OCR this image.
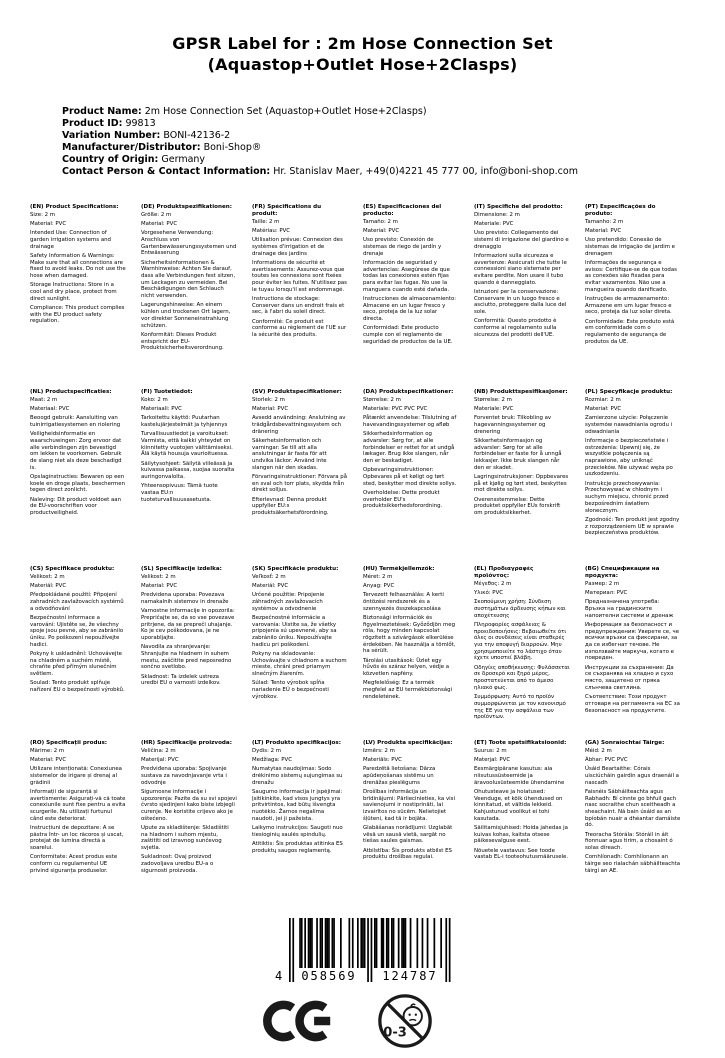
GPSR Label for : 2m Hose Connection Set (Aquastop+Outlet Hose+2Clasps)
Product Name: 2m Hose Connection Set (Aquastop+Outlet Hose+2Clasps)
Product ID: 99813
Variation Number: BONI-42136-2
Manufacturer/Distributor: Boni-Shop®
Country of Origin: Germany
Contact Person & Contact Information: Hr. Stanislav Maer, +49(0)4221 45 777 00, info@boni-shop.com
(EN) Product Specifications:

Size: 2 m

Material: PVC

Intended Use: Connection of garden irrigation systems and drainage

Safety Information & Warnings: Make sure that all connections are fixed to avoid leaks. Do not use the hose when damaged.

Storage Instructions: Store in a cool and dry place, protect from direct sunlight.

Compliance: This product complies with the EU product safety regulation.

(DE) Produktspezifikationen:

Größe: 2 m

Material: PVC

Vorgesehene Verwendung: Anschluss von Gartenbewässerungssystemen und Entwässerung

Sicherheitsinformationen & Warnhinweise: Achten Sie darauf, dass alle Verbindungen fest sitzen, um Leckagen zu vermeiden. Bei Beschädigungen den Schlauch nicht verwenden.

Lagerungshinweise: An einem kühlen und trockenen Ort lagern, vor direkter Sonneneinstrahlung schützen.

Konformität: Dieses Produkt entspricht der EU-Produktsicherheitsverordnung.

(FR) Spécifications du produit:

Taille: 2 m

Matériau: PVC

Utilisation prévue: Connexion des systèmes d'irrigation et de drainage des jardins

Informations de sécurité et avertissements: Assurez-vous que toutes les connexions sont fixées pour éviter les fuites. N'utilisez pas le tuyau lorsqu'il est endommagé.

Instructions de stockage: Conserver dans un endroit frais et sec, à l'abri du soleil direct.

Conformité: Ce produit est conforme au règlement de l'UE sur la sécurité des produits.

(ES) Especificaciones del producto:

Tamaño: 2 m

Material: PVC

Uso previsto: Conexión de sistemas de riego de jardín y drenaje

Información de seguridad y advertencias: Asegúrese de que todas las conexiones estén fijas para evitar las fugas. No use la manguera cuando esté dañada.

Instrucciones de almacenamiento: Almacene en un lugar fresco y seco, proteja de la luz solar directa.

Conformidad: Este producto cumple con el reglamento de seguridad de productos de la UE.

(IT) Specifiche del prodotto:

Dimensione: 2 m

Materiale: PVC

Uso previsto: Collegamento dei sistemi di irrigazione del giardino e drenaggio

Informazioni sulla sicurezza e avvertenze: Assicurati che tutte le connessioni siano sistemate per evitare perdite. Non usare il tubo quando è danneggiato.

Istruzioni per la conservazione: Conservare in un luogo fresco e asciutto, proteggere dalla luce del sole.

Conformità: Questo prodotto è conforme al regolamento sulla sicurezza dei prodotti dell'UE.

(PT) Especificações do produto:

Tamanho: 2 m

Material: PVC

Uso pretendido: Conexão de sistemas de irrigação de jardim e drenagem

Informações de segurança e avisos: Certifique-se de que todas as conexões são fixadas para evitar vazamentos. Não use a mangueira quando danificado.

Instruções de armazenamento: Armazene em um lugar fresco e seco, proteja da luz solar direta.

Conformidade: Este produto está em conformidade com o regulamento de segurança de produtos da UE.

(NL) Productspecificaties:

Maat: 2 m

Materiaal: PVC

Beoogd gebruik: Aansluiting van tuinirrigatiesystemen en riolering

Veiligheidsinformatie en waarschuwingen: Zorg ervoor dat alle verbindingen zijn bevestigd om lekken te voorkomen. Gebruik de slang niet als deze beschadigd is.

Opslaginstructies: Bewaren op een koele en droge plaats, beschermen tegen direct zonlicht.

Naleving: Dit product voldoet aan de EU-voorschriften voor productveiligheid.

(FI) Tuotetiedot:

Koko: 2 m

Materiaali: PVC

Tarkoitettu käyttö: Puutarhan kastelujärjestelmät ja tyhjennys

Turvallisuustiedot ja varoitukset: Varmista, että kaikki yhteydet on kiinnitetty vuotojen välttämiseksi. Älä käytä housuja vaurioituessa.

Säilytysohjeet: Säilytä viileässä ja kuivassa paikassa, suojaa suoralta auringonvalolta.

Yhteensopivuus: Tämä tuote vastaa EU:n tuoteturvallisuusasetusta.

(SV) Produktspecifikationer:

Storlek: 2 m

Material: PVC

Avsedd användning: Anslutning av trädgårdsbevattningssystem och dränering

Säkerhetsinformation och varningar: Se till att alla anslutningar är fasta för att undvika läckor. Använd inte slangen när den skadas.

Förvaringsinstruktioner: Förvara på en sval och torr plats, skydda från direkt solljus.

Efterlevnad: Denna produkt uppfyller EU:s produktsäkerhetsförordning.

(DA) Produktspecifikationer:

Størrelse: 2 m

Materiale: PVC PVC PVC

Påtænkt anvendelse: Tilslutning af havevandingssystemer og afløb

Sikkerhedsinformation og advarsler: Sørg for, at alle forbindelser er rettet for at undgå lækager. Brug ikke slangen, når den er beskadiget.

Opbevaringsinstruktioner: Opbevares på et køligt og tørt sted, beskytter mod direkte sollys.

Overholdelse: Dette produkt overholder EU's produktsikkerhedsforordning.

(NB) Produkttspesifikasjoner:

Størrelse: 2 m

Materiale: PVC

Forventet bruk: Tilkobling av hagevanningssystemer og drenering

Sikkerhetsinformasjon og advarsler: Sørg for at alle forbindelser er faste for å unngå lekkasjer. Ikke bruk slangen når den er skadet.

Lagringsinstruksjoner: Oppbevares på et kjølig og tørt sted, beskyttes mot direkte sollys.

Overensstemmelse: Dette produktet oppfyller EUs forskrift om produktsikkerhet.

(PL) Specyfikacje produktu:

Rozmiar: 2 m

Materiał: PVC

Zamierzone użycie: Połączenie systemów nawadniania ogrodu i odwadniania

Informacje o bezpieczeństwie i ostrzeżenia: Upewnij się, że wszystkie połączenia są naprawione, aby uniknąć przecieków. Nie używać węża po uszkodzeniu.

Instrukcje przechowywania: Przechowywać w chłodnym i suchym miejscu, chronić przed bezpośrednim światłem słonecznym.

Zgodność: Ten produkt jest zgodny z rozporządzeniem UE w sprawie bezpieczeństwa produktów.

(CS) Specifikace produktu:

Velikost: 2 m

Materiál: PVC

Předpokládané použití: Připojení zahradních zavlažovacích systémů a odvodňování

Bezpečnostní informace a varování: Ujistěte se, že všechny spoje jsou pevné, aby se zabránilo úniku. Po poškození nepoužívejte hadici.

Pokyny k uskladnění: Uchovávejte na chladném a suchém místě, chraňte před přímým slunečním světlem.

Soulad: Tento produkt splňuje nařízení EU o bezpečnosti výrobků.

(SL) Specifikacije izdelka:

Velikost: 2 m

Material: PVC

Predvidena uporaba: Povezava namakalnih sistemov in drenaže

Varnostne informacije in opozorila: Prepričajte se, da so vse povezave pritrjene, da se prepreči uhajanje. Ko je cev poškodovana, je ne uporabljajte.

Navodila za shranjevanje: Shranjujte na hladnem in suhem mestu, zaščitite pred neposredno sončno svetlobo.

Skladnost: Ta izdelek ustreza uredbi EU o varnosti izdelkov.

(SK) Špecifikácie produktu:

Veľkosť: 2 m

Materiál: PVC

Určené použitie: Pripojenie záhradných zavlažovacích systémov a odvodnenie

Bezpečnostné informácie a varovania: Uistite sa, že všetky pripojenia sú upevnené, aby sa zabránilo úniku. Nepoužívajte hadicu pri poškodení.

Pokyny na skladovanie: Uchovávajte v chladnom a suchom mieste, chráni pred priamym slnečným žiarením.

Súlad: Tento výrobok spĺňa nariadenie EÚ o bezpečnosti výrobkov.

(HU) Termékjellemzők:

Méret: 2 m

Anyag: PVC

Tervezett felhasználás: A kerti öntözési rendszerek és a szennyezés összekapcsolása

Biztonsági információk és figyelmeztetések: Győződjön meg róla, hogy minden kapcsolat rögzített a szivárgások elkerülése érdekében. Ne használja a tömlőt, ha sérült.

Tárolási utasítások: Üzlet egy hűvös és száraz helyen, védje a közvetlen napfény.

Megfelelőség: Ez a termék megfelel az EU termékbiztonsági rendeletének.

(EL) Προδιαγραφές προϊόντος:

Μέγεθος: 2 m

Υλικό: PVC

Σκοπούμενη χρήση: Σύνδεση συστημάτων άρδευσης κήπων και αποχέτευσης

Πληροφορίες ασφάλειας & προειδοποιήσεις: Βεβαιωθείτε ότι όλες οι συνδέσεις είναι σταθερές για την αποφυγή διαρροών. Μην χρησιμοποιείτε το λάστιχο όταν έχετε υποστεί βλάβη.

Οδηγίες αποθήκευσης: Φυλάσσεται σε δροσερό και ξηρό μέρος, προστατεύεται από το άμεσο ηλιακό φως.

Συμμόρφωση: Αυτό το προϊόν συμμορφώνεται με τον κανονισμό της ΕΕ για την ασφάλεια των προϊόντων.

(BG) Спецификации на продукта:

Размер: 2 m

Материал: PVC

Предназначена употреба: Връзка на градинските напоителни системи и дренаж

Информация за безопасност и предупреждения: Уверете се, че всички връзки са фиксирани, за да се избегнат течове. Не използвайте маркуча, когато е повреден.

Инструкции за съхранение: Да се съхранява на хладно и сухо място, защитено от пряка слънчева светлина.

Съответствие: Този продукт отговаря на регламента на ЕС за безопасност на продуктите.

(RO) Specificații produs:

Mărime: 2 m

Material: PVC

Utilizare intenționată: Conexiunea sistemelor de irigare și drenaj al grădinii

Informații de siguranță și avertismente: Asigurați-vă că toate conexiunile sunt fixe pentru a evita scurgerile. Nu utilizați furtunul când este deteriorat.

Instrucțiuni de depozitare: A se păstra într- un loc răcoros și uscat, protejat de lumina directă a soarelui.

Conformitate: Acest produs este conform cu regulamentul UE privind siguranța produselor.

(HR) Specifikacije proizvoda:

Veličina: 2 m

Materijal: PVC

Predviđena uporaba: Spojivanje sustava za navodnjavanje vrta i odvodnje

Sigurnosne informacije i upozorenja: Pazite da su svi spojevi čvrsto sjedinjeni kako biste izbjegli curenje. Ne koristite crijevo ako je oštećeno.

Upute za skladištenje: Skladištiti na hladnom i suhom mjestu, zaštititi od izravnog sunčevog svjetla.

Sukladnost: Ovaj proizvod zadovoljava uredbu EU-a o sigurnosti proizvoda.

(LT) Produkto specifikacijos:

Dydis: 2 m

Medžiaga: PVC

Numatytas naudojimas: Sodo drėkinimo sistemų sujungimas su drenažu

Saugumo informacija ir įspėjimai: Įsitikinkite, kad visos jungtys yra pritvirtintos, kad būtų išvengta nuotėkio. Žarnos negalima naudoti, jei ji pažeista.

Laikymo instrukcijos: Saugoti nuo tiesioginių saulės spindulių.

Atitiktis: Šis produktas atitinka ES produktų saugos reglamentą.

(LV) Produkta specifikācijas:

Izmērs: 2 m

Materiāls: PVC

Paredzētā lietošana: Dārza apūdeņošanas sistēmu un drenāžas pieslēgums

Drošības informācija un brīdinājumi: Pārliecinieties, ka visi savienojumi ir nostiprināti, lai izvairītos no sūcēm. Nelietojiet šļūteni, kad tā ir bojāta.

Glabāšanas norādījumi: Uzglabāt vēsā un sausā vietā, sargāt no tiešas saules gaismas.

Atbilstība: Šis produkts atbilst ES produktu drošības regulai.

(ET) Toote spetsifikatsioonid:

Suurus: 2 m

Materjal: PVC

Eesmärgipärane kasutus: aia niisutussüsteemide ja äravoolusüsteemide ühendamine

Ohutusteave ja hoiatused: Veenduge, et kõik ühendused on kinnitatud, et vältida lekkeid. Kahjustunud voolikut ei tohi kasutada.

Säilitamisjuhised: Hoida jahedas ja kuivas kohas, kaitsta otsese päikesevalguse eest.

Nõuetele vastavus: See toode vastab EL-i tooteohutusmäärusele.

(GA) Sonraíochtaí Táirge:

Méid: 2 m

Ábhar: PVC PVC

Úsáid Beartaithe: Córais uisciúcháin gairdín agus draenáil a nascadh

Faisnéis Sábháilteachta agus Rabhadh: Bí cinnte go bhfuil gach nasc socraithe chun sceitheadh a sheachaint. Ná bain úsáid as an bpíobán nuair a dhéantar damáiste dó.

Treoracha Stórála: Stóráil in áit fionnuar agus tirim, a chosaint ó solas díreach.

Comhlíonadh: Comhlíonann an táirge seo rialachán sábháilteachta táirgí an AE.

4 058569 124787
0-3
